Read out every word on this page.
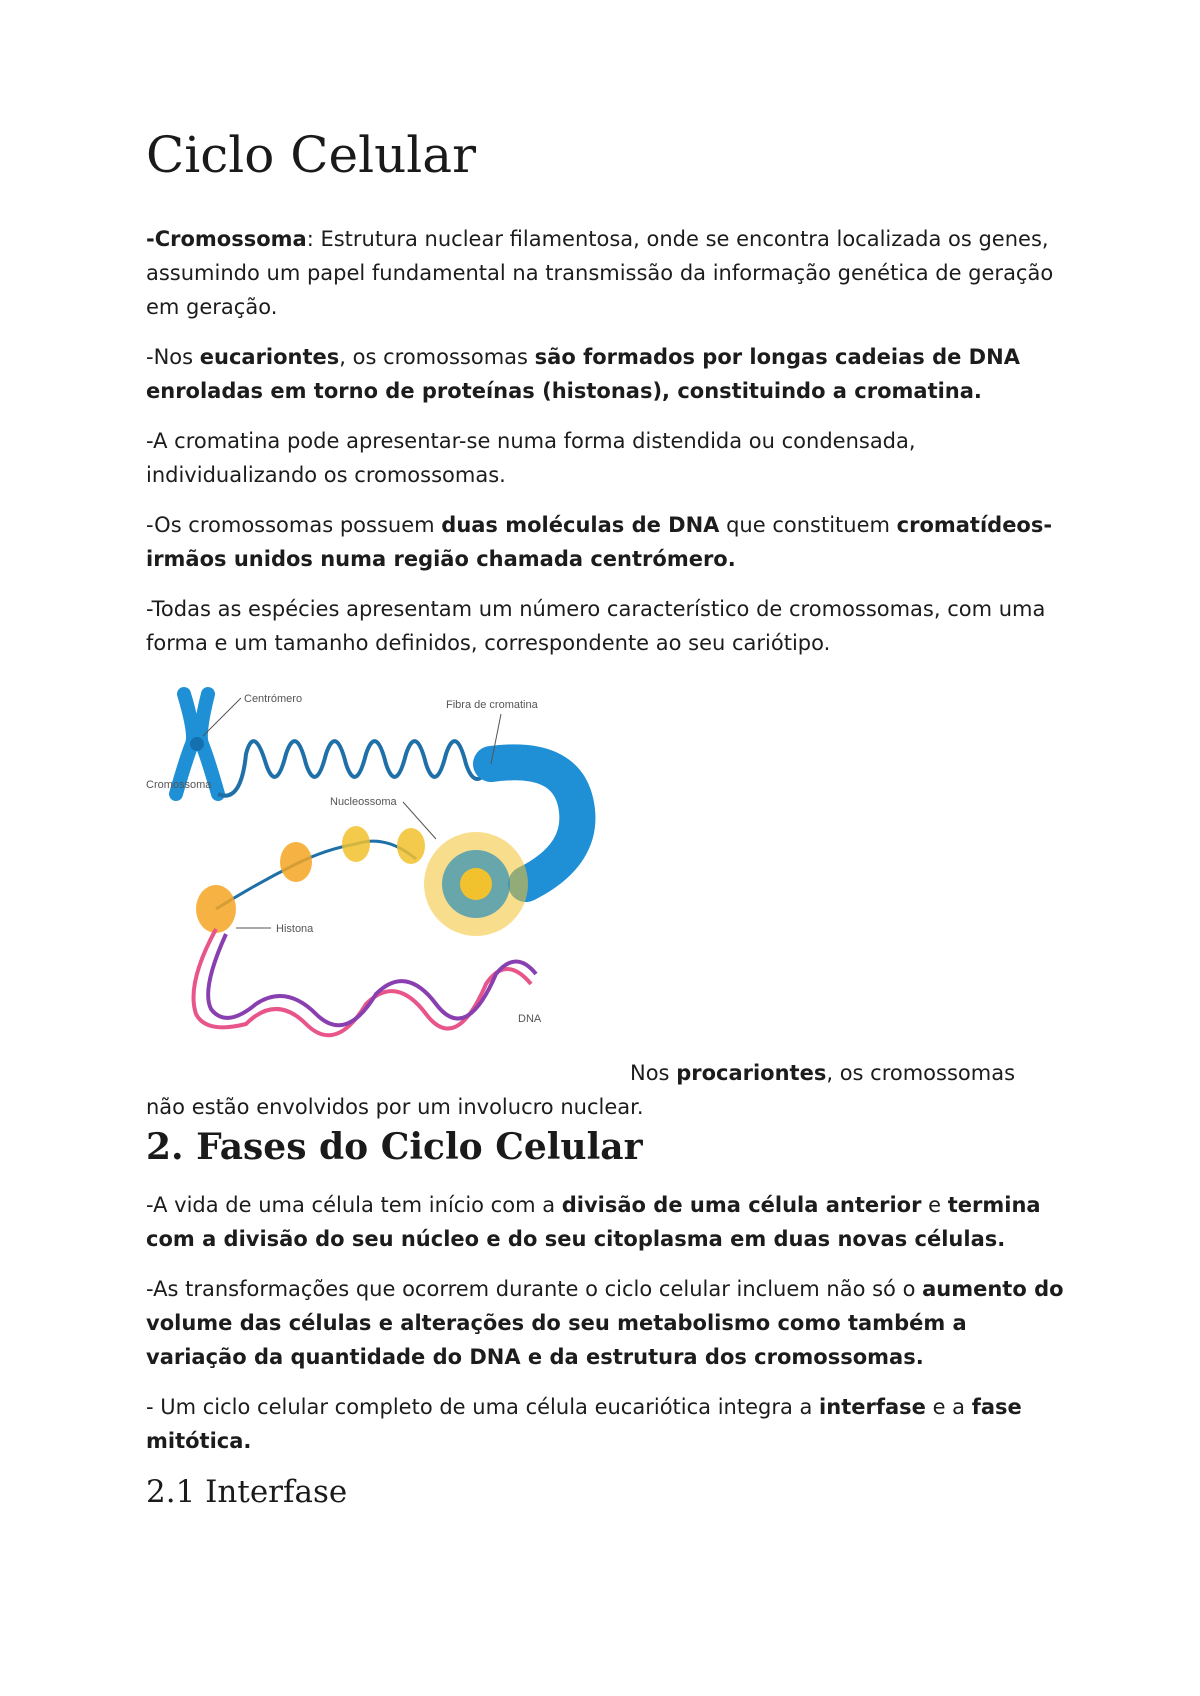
Ciclo Celular

-Cromossoma: Estrutura nuclear filamentosa, onde se encontra localizada os genes, assumindo um papel fundamental na transmissão da informação genética de geração em geração.

-Nos eucariontes, os cromossomas são formados por longas cadeias de DNA enroladas em torno de proteínas (histonas), constituindo a cromatina.

-A cromatina pode apresentar-se numa forma distendida ou condensada, individualizando os cromossomas.

-Os cromossomas possuem duas moléculas de DNA que constituem cromatídeos-irmãos unidos numa região chamada centrómero.

-Todas as espécies apresentam um número característico de cromossomas, com uma forma e um tamanho definidos, correspondente ao seu cariótipo.

não estão envolvidos por um involucro nuclear.

2. Fases do Ciclo Celular

-A vida de uma célula tem início com a divisão de uma célula anterior e termina com a divisão do seu núcleo e do seu citoplasma em duas novas células.

-As transformações que ocorrem durante o ciclo celular incluem não só o aumento do volume das células e alterações do seu metabolismo como também a variação da quantidade do DNA e da estrutura dos cromossomas.

- Um ciclo celular completo de uma célula eucariótica integra a interfase e a fase mitótica.

2.1 Interfase
Nos procariontes, os cromossomas
Centrómero	Fibra de cromatina
Cromossoma
Nucleossoma
Histona
DNA
